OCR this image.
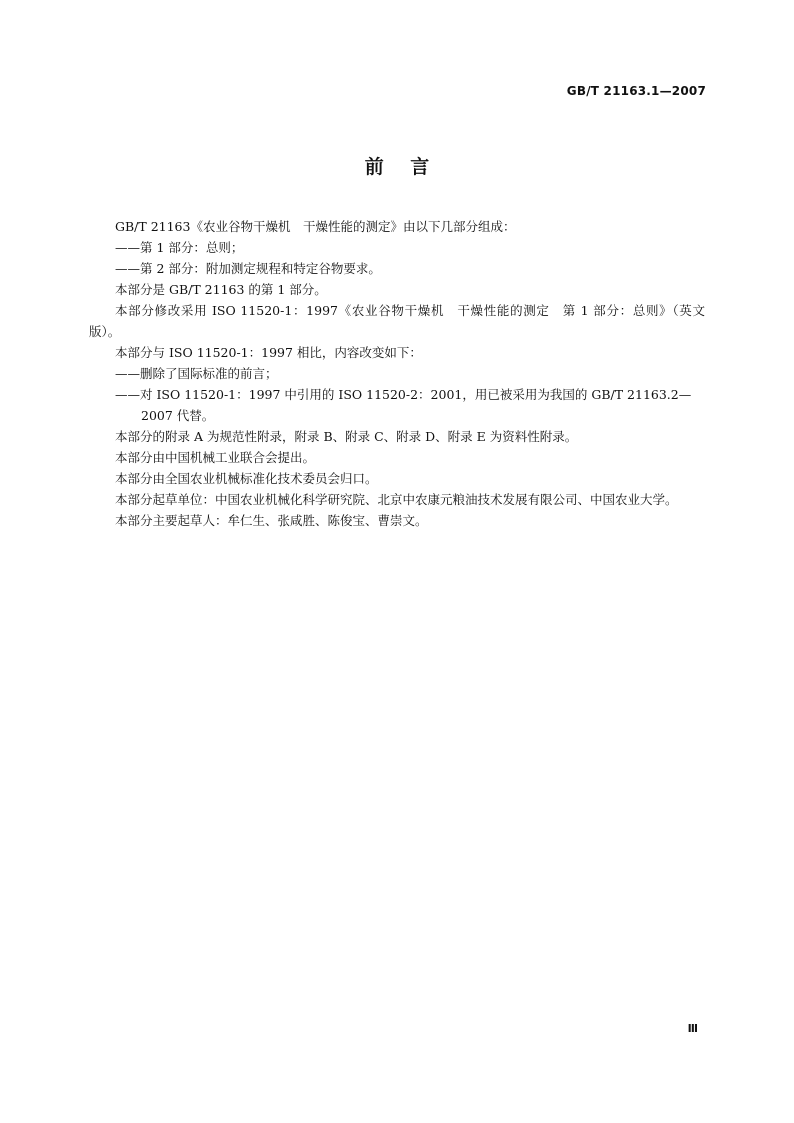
GB/T 21163.1—2007
前    言

GB/T 21163《农业谷物干燥机　干燥性能的测定》由以下几部分组成：

——第 1 部分：总则；

——第 2 部分：附加测定规程和特定谷物要求。

本部分是 GB/T 21163 的第 1 部分。

本部分修改采用 ISO 11520-1：1997《农业谷物干燥机　干燥性能的测定　第 1 部分：总则》（英文版）。

本部分与 ISO 11520-1：1997 相比，内容改变如下：

——删除了国际标准的前言；

——对 ISO 11520-1：1997 中引用的 ISO 11520-2：2001，用已被采用为我国的 GB/T 21163.2—2007 代替。

本部分的附录 A 为规范性附录，附录 B、附录 C、附录 D、附录 E 为资料性附录。

本部分由中国机械工业联合会提出。

本部分由全国农业机械标准化技术委员会归口。

本部分起草单位：中国农业机械化科学研究院、北京中农康元粮油技术发展有限公司、中国农业大学。

本部分主要起草人：牟仁生、张咸胜、陈俊宝、曹崇文。

Ⅲ
